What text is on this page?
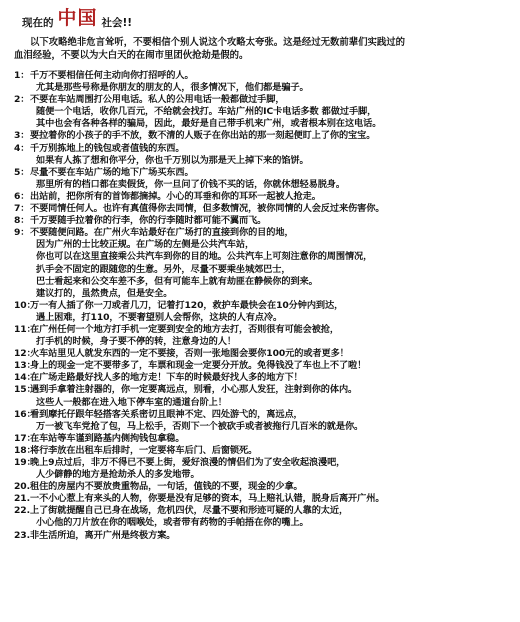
现在的 中国 社会!!
以下攻略绝非危言耸听，不要相信个别人说这个攻略太夸张。这是经过无数前辈们实践过的
血泪经验，不要以为大白天的在闹市里团伙抢劫是假的。
1： 千万不要相信任何主动向你打招呼的人。
尤其是那些号称是你朋友的朋友的人，很多情况下，他们都是骗子。
2： 不要在车站周围打公用电话。私人的公用电话一般都做过手脚，
随便一个电话，收你几百元，不给就会找打。车站广州的IC卡电话多数 都做过手脚，
其中也会有各种各样的骗局，因此，最好是自己带手机来广州，或者根本别在这电话。
3： 要拉着你的小孩子的手不放，数不清的人贩子在你出站的那一刻起便盯上了你的宝宝。
4： 千万别拣地上的钱包或者值钱的东西。
如果有人拣了想和你平分，你也千万别以为那是天上掉下来的馅饼。
5： 尽量不要在车站广场的地下广场买东西。
那里所有的档口都在卖假货，你一旦问了价钱不买的话，你就休想轻易脱身。
6： 出站前，把你所有的首饰都摘掉。小心的耳垂和你的耳环一起被人抢走。
7： 不要同情任何人。也许有真值得你去同情，但多数情况，被你同情的人会反过来伤害你。
8： 千万要随手拉着你的行李，你的行李随时都可能不翼而飞。
9： 不要随便问路。在广州火车站最好在广场打的直接到你的目的地，
因为广州的士比较正规。在广场的左侧是公共汽车站，
你也可以在这里直接乘公共汽车到你的目的地。公共汽车上可刻注意你的周围情况，
扒手会不固定的跟随您的生意。另外，尽量不要乘坐城郊巴士，
巴士看起来和公交车差不多，但有可能车上就有劫匪在静候你的到来。
建议打的，虽然贵点，但是安全。
10：
万一有人插了你一刀或者几刀，记着打120，救护车最快会在10分钟内到达，
遇上困难，打110，不要奢望别人会帮你，这块的人有点冷。
11：
在广州任何一个地方打手机一定要到安全的地方去打，否则很有可能会被抢，
打手机的时候，身子要不停的转，注意身边的人！
12：
火车站里见人就发东西的一定不要接，否则一张地图会要你100元的或者更多！
13：
身上的现金一定不要带多了，车票和现金一定要分开放。免得钱没了车也上不了啦！
14：
在广场走路最好找人多的地方走！下车的时候最好找人多的地方下！
15：
遇到手拿着注射器的，你一定要离远点，别看，小心那人发狂，注射到你的体内。
这些人一般都在进入地下停车室的通道台阶上！
16：
看到摩托仔跟年轻搭客关系密切且眼神不定、四处游弋的，离远点，
万一被飞车党抢了包，马上松手，否则下一个被砍手或者被拖行几百米的就是你。
17：
在车站等车谨到路基内侧拘钱包拿稳。
18：
将行李放在出租车后排时，一定要将车后门、后窗锁死。
19：
晚上9点过后，非万不得已不要上街，爱好浪漫的情侣们为了安全收起浪漫吧，
人少僻静的地方是抢劫杀人的多发地带。
20. 租住的房屋内不要放贵重物品，一句话，值钱的不要，现金的少拿。
21. 一不小心惹上有来头的人物，你要是没有足够的资本，马上赔礼认错，脱身后离开广州。
22. 上了街就提醒自己已身在战场，危机四伏，尽量不要和形迹可疑的人靠的太近，
小心他的刀片放在你的咽喉处，或者带有药物的手帕捂在你的嘴上。
23. 非生活所迫，离开广州是终极方案。
